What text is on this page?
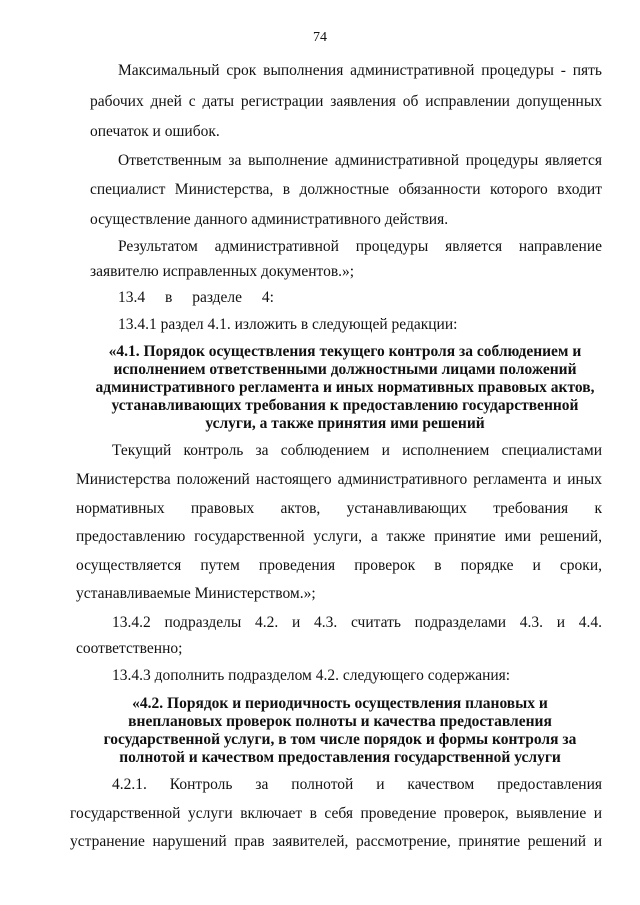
74
Максимальный срок выполнения административной процедуры - пять
рабочих дней с даты регистрации заявления об исправлении допущенных
опечаток и ошибок.
Ответственным за выполнение административной процедуры является
специалист Министерства, в должностные обязанности которого входит
осуществление данного административного действия.
Результатом административной процедуры является направление
заявителю исправленных документов.»;
13.4 в разделе 4:
13.4.1 раздел 4.1. изложить в следующей редакции:
«4.1. Порядок осуществления текущего контроля за соблюдением и
исполнением ответственными должностными лицами положений
административного регламента и иных нормативных правовых актов,
устанавливающих требования к предоставлению государственной
услуги, а также принятия ими решений
Текущий контроль за соблюдением и исполнением специалистами
Министерства положений настоящего административного регламента и иных
нормативных правовых актов, устанавливающих требования к
предоставлению государственной услуги, а также принятие ими решений,
осуществляется путем проведения проверок в порядке и сроки,
устанавливаемые Министерством.»;
13.4.2 подразделы 4.2. и 4.3. считать подразделами 4.3. и 4.4.
соответственно;
13.4.3 дополнить подразделом 4.2. следующего содержания:
«4.2. Порядок и периодичность осуществления плановых и
внеплановых проверок полноты и качества предоставления
государственной услуги, в том числе порядок и формы контроля за
полнотой и качеством предоставления государственной услуги
4.2.1. Контроль за полнотой и качеством предоставления
государственной услуги включает в себя проведение проверок, выявление и
устранение нарушений прав заявителей, рассмотрение, принятие решений и
